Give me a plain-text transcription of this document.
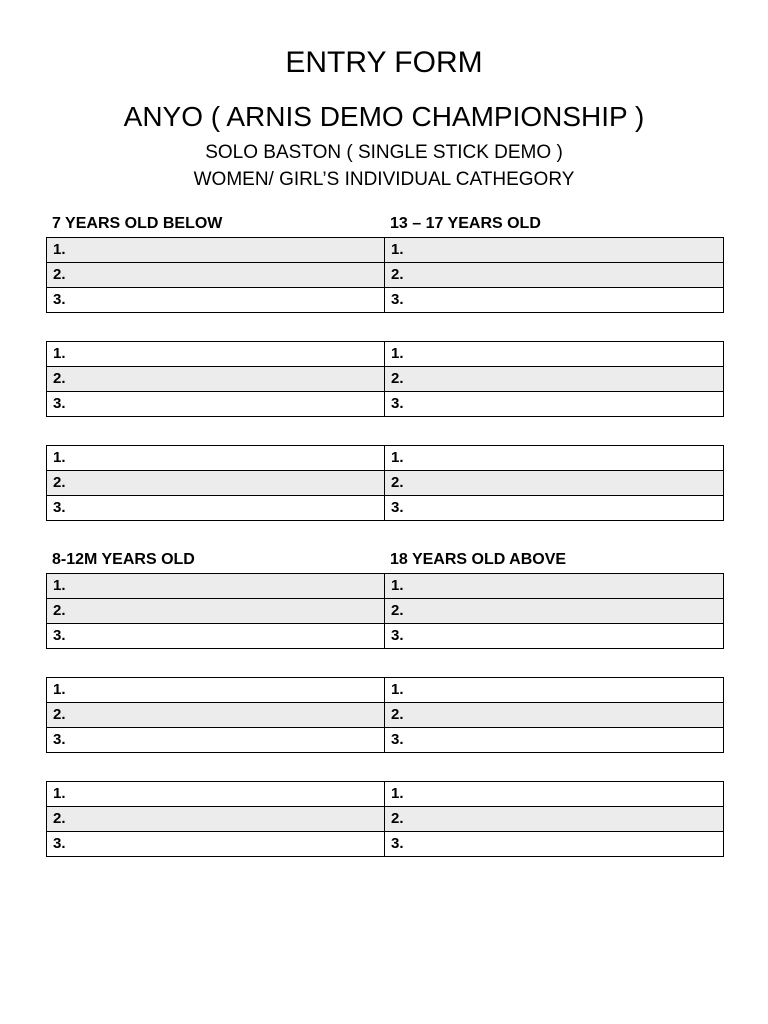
ENTRY FORM
ANYO ( ARNIS DEMO CHAMPIONSHIP )
SOLO BASTON ( SINGLE STICK DEMO )
WOMEN/ GIRL’S INDIVIDUAL CATHEGORY
7 YEARS OLD BELOW	13 – 17 YEARS OLD
1.	1.
2.	2.
3.	3.
1.	1.
2.	2.
3.	3.
1.	1.
2.	2.
3.	3.
8-12M YEARS OLD	18 YEARS OLD ABOVE
1.	1.
2.	2.
3.	3.
1.	1.
2.	2.
3.	3.
1.	1.
2.	2.
3.	3.
